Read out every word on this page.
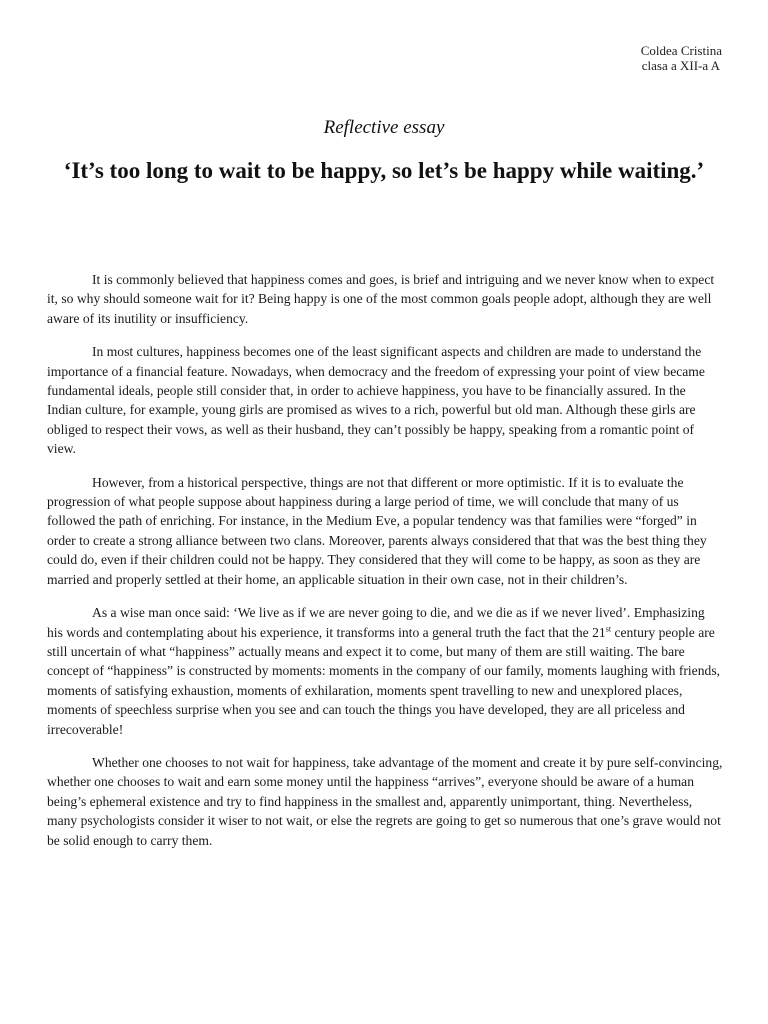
Coldea Cristina
clasa a XII-a A
Reflective essay
‘It’s too long to wait to be happy, so let’s be happy while waiting.’

It is commonly believed that happiness comes and goes, is brief and intriguing and we never know when to expect it, so why should someone wait for it? Being happy is one of the most common goals people adopt, although they are well aware of its inutility or insufficiency.

In most cultures, happiness becomes one of the least significant aspects and children are made to understand the importance of a financial feature. Nowadays, when democracy and the freedom of expressing your point of view became fundamental ideals, people still consider that, in order to achieve happiness, you have to be financially assured. In the Indian culture, for example, young girls are promised as wives to a rich, powerful but old man. Although these girls are obliged to respect their vows, as well as their husband, they can’t possibly be happy, speaking from a romantic point of view.

However, from a historical perspective, things are not that different or more optimistic. If it is to evaluate the progression of what people suppose about happiness during a large period of time, we will conclude that many of us followed the path of enriching. For instance, in the Medium Eve, a popular tendency was that families were “forged” in order to create a strong alliance between two clans. Moreover, parents always considered that that was the best thing they could do, even if their children could not be happy. They considered that they will come to be happy, as soon as they are married and properly settled at their home, an applicable situation in their own case, not in their children’s.

As a wise man once said: ‘We live as if we are never going to die, and we die as if we never lived’. Emphasizing his words and contemplating about his experience, it transforms into a general truth the fact that the 21st century people are still uncertain of what “happiness” actually means and expect it to come, but many of them are still waiting. The bare concept of “happiness” is constructed by moments: moments in the company of our family, moments laughing with friends, moments of satisfying exhaustion, moments of exhilaration, moments spent travelling to new and unexplored places, moments of speechless surprise when you see and can touch the things you have developed, they are all priceless and irrecoverable!

Whether one chooses to not wait for happiness, take advantage of the moment and create it by pure self-convincing, whether one chooses to wait and earn some money until the happiness “arrives”, everyone should be aware of a human being’s ephemeral existence and try to find happiness in the smallest and, apparently unimportant, thing. Nevertheless, many psychologists consider it wiser to not wait, or else the regrets are going to get so numerous that one’s grave would not be solid enough to carry them.
